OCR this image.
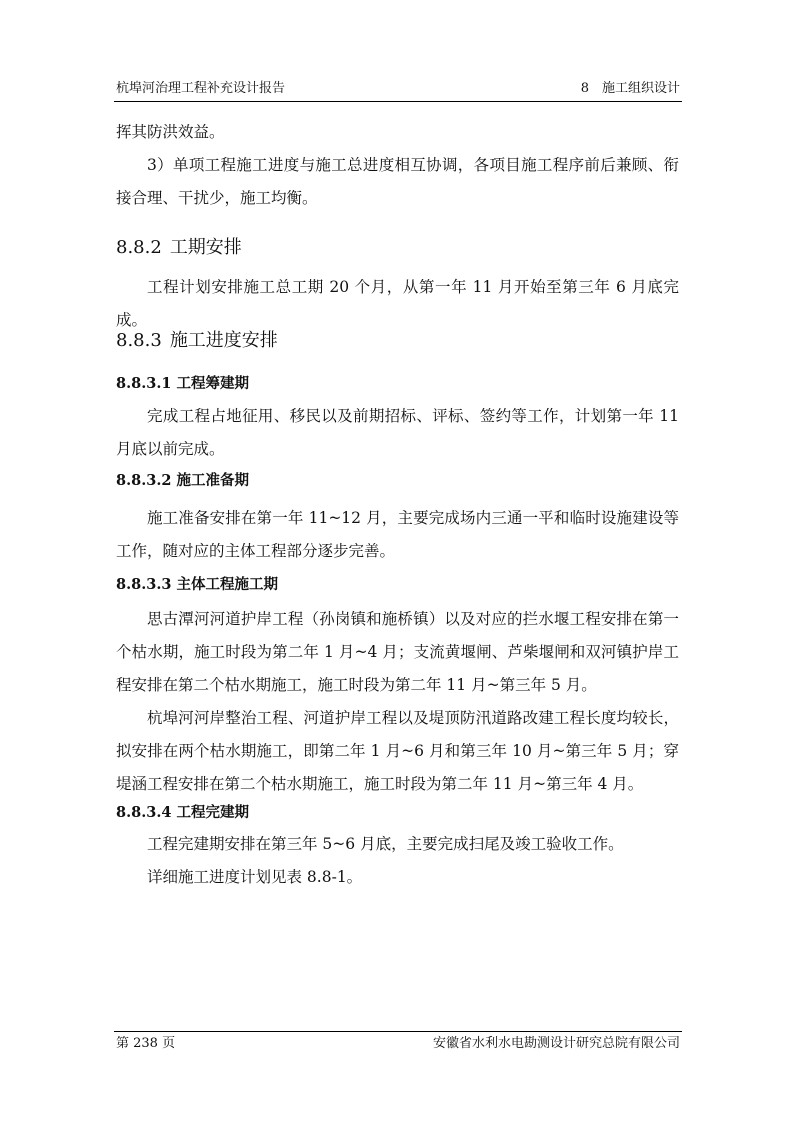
杭埠河治理工程补充设计报告	8　施工组织设计

挥其防洪效益。

3）单项工程施工进度与施工总进度相互协调，各项目施工程序前后兼顾、衔接合理、干扰少，施工均衡。

8.8.2 工期安排

工程计划安排施工总工期 20 个月，从第一年 11 月开始至第三年 6 月底完成。

8.8.3 施工进度安排
8.8.3.1 工程筹建期

完成工程占地征用、移民以及前期招标、评标、签约等工作，计划第一年 11 月底以前完成。

8.8.3.2 施工准备期

施工准备安排在第一年 11~12 月，主要完成场内三通一平和临时设施建设等工作，随对应的主体工程部分逐步完善。

8.8.3.3 主体工程施工期

思古潭河河道护岸工程（孙岗镇和施桥镇）以及对应的拦水堰工程安排在第一个枯水期，施工时段为第二年 1 月~4 月；支流黄堰闸、芦柴堰闸和双河镇护岸工程安排在第二个枯水期施工，施工时段为第二年 11 月~第三年 5 月。

杭埠河河岸整治工程、河道护岸工程以及堤顶防汛道路改建工程长度均较长，拟安排在两个枯水期施工，即第二年 1 月~6 月和第三年 10 月~第三年 5 月；穿堤涵工程安排在第二个枯水期施工，施工时段为第二年 11 月~第三年 4 月。

8.8.3.4 工程完建期

工程完建期安排在第三年 5~6 月底，主要完成扫尾及竣工验收工作。

详细施工进度计划见表 8.8-1。

第 238 页	安徽省水利水电勘测设计研究总院有限公司
